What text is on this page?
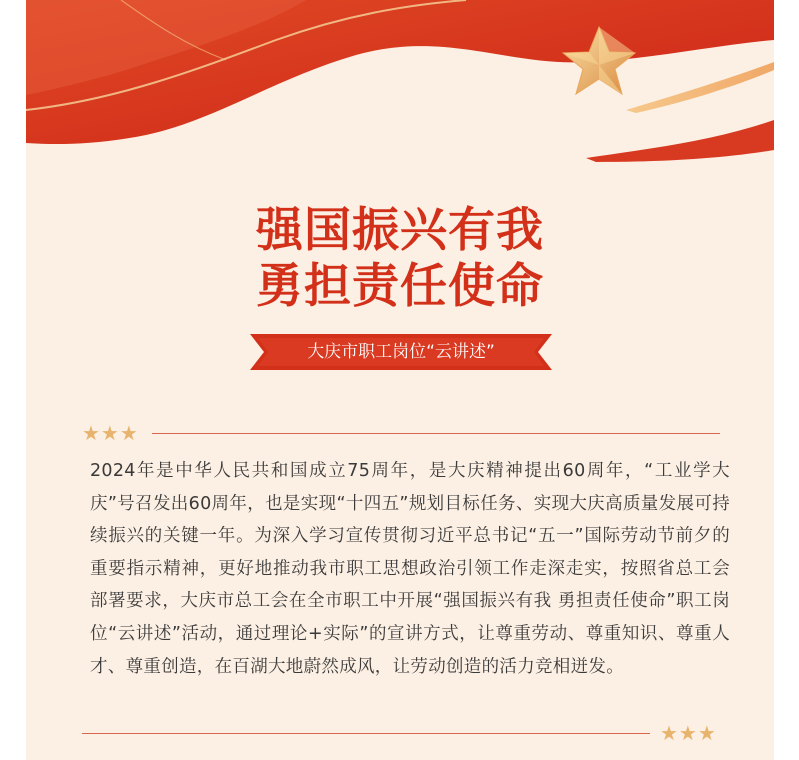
强国振兴有我
勇担责任使命
大庆市职工岗位“云讲述”
★★★
2024年是中华人民共和国成立75周年，是大庆精神提出60周年，“工业学大庆”号召发出60周年，也是实现“十四五”规划目标任务、实现大庆高质量发展可持续振兴的关键一年。为深入学习宣传贯彻习近平总书记“五一”国际劳动节前夕的重要指示精神，更好地推动我市职工思想政治引领工作走深走实，按照省总工会部署要求，大庆市总工会在全市职工中开展“强国振兴有我 勇担责任使命”职工岗位“云讲述”活动，通过理论+实际”的宣讲方式，让尊重劳动、尊重知识、尊重人才、尊重创造，在百湖大地蔚然成风，让劳动创造的活力竞相迸发。
★★★
